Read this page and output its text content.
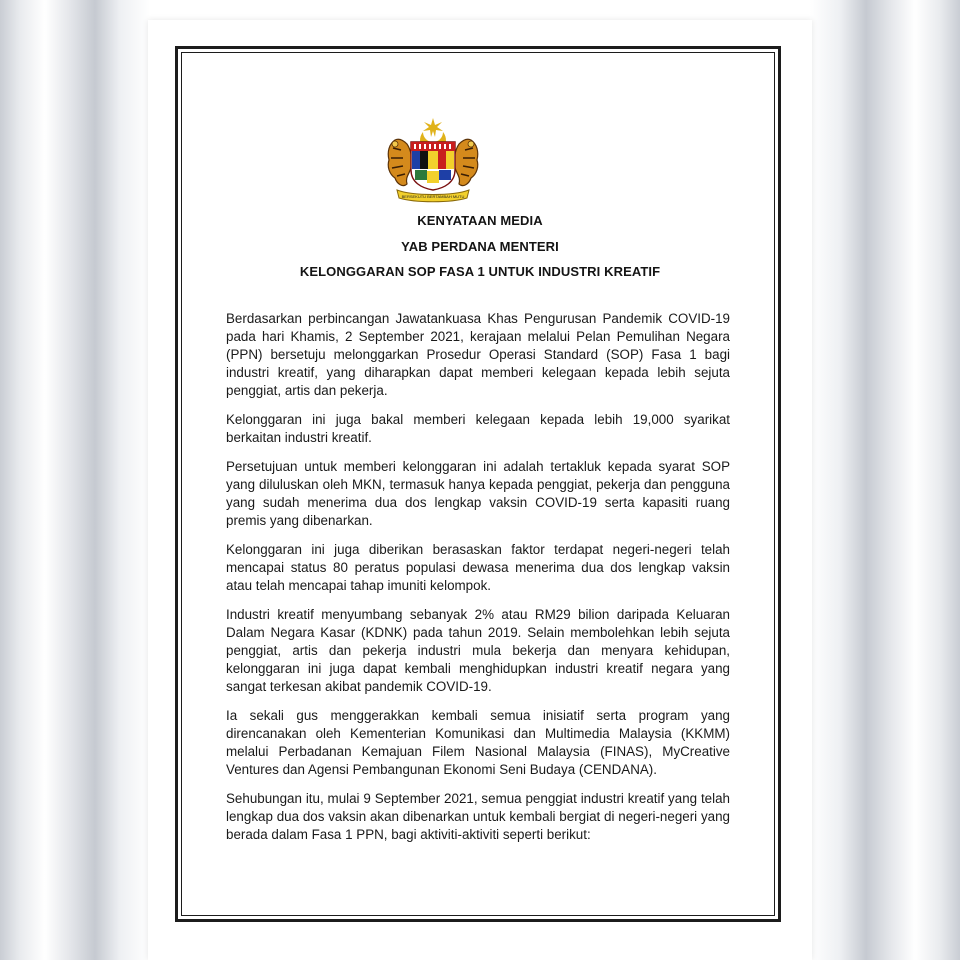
BERSEKUTU BERTAMBAH MUTU
KENYATAAN MEDIA
YAB PERDANA MENTERI
KELONGGARAN SOP FASA 1 UNTUK INDUSTRI KREATIF

Berdasarkan perbincangan Jawatankuasa Khas Pengurusan Pandemik COVID-19 pada hari Khamis, 2 September 2021, kerajaan melalui Pelan Pemulihan Negara (PPN) bersetuju melonggarkan Prosedur Operasi Standard (SOP) Fasa 1 bagi industri kreatif, yang diharapkan dapat memberi kelegaan kepada lebih sejuta penggiat, artis dan pekerja.

Kelonggaran ini juga bakal memberi kelegaan kepada lebih 19,000 syarikat berkaitan industri kreatif.

Persetujuan untuk memberi kelonggaran ini adalah tertakluk kepada syarat SOP yang diluluskan oleh MKN, termasuk hanya kepada penggiat, pekerja dan pengguna yang sudah menerima dua dos lengkap vaksin COVID-19 serta kapasiti ruang premis yang dibenarkan.

Kelonggaran ini juga diberikan berasaskan faktor terdapat negeri-negeri telah mencapai status 80 peratus populasi dewasa menerima dua dos lengkap vaksin atau telah mencapai tahap imuniti kelompok.

Industri kreatif menyumbang sebanyak 2% atau RM29 bilion daripada Keluaran Dalam Negara Kasar (KDNK) pada tahun 2019. Selain membolehkan lebih sejuta penggiat, artis dan pekerja industri mula bekerja dan menyara kehidupan, kelonggaran ini juga dapat kembali menghidupkan industri kreatif negara yang sangat terkesan akibat pandemik COVID-19.

Ia sekali gus menggerakkan kembali semua inisiatif serta program yang direncanakan oleh Kementerian Komunikasi dan Multimedia Malaysia (KKMM) melalui Perbadanan Kemajuan Filem Nasional Malaysia (FINAS), MyCreative Ventures dan Agensi Pembangunan Ekonomi Seni Budaya (CENDANA).

Sehubungan itu, mulai 9 September 2021, semua penggiat industri kreatif yang telah lengkap dua dos vaksin akan dibenarkan untuk kembali bergiat di negeri-negeri yang berada dalam Fasa 1 PPN, bagi aktiviti-aktiviti seperti berikut:
